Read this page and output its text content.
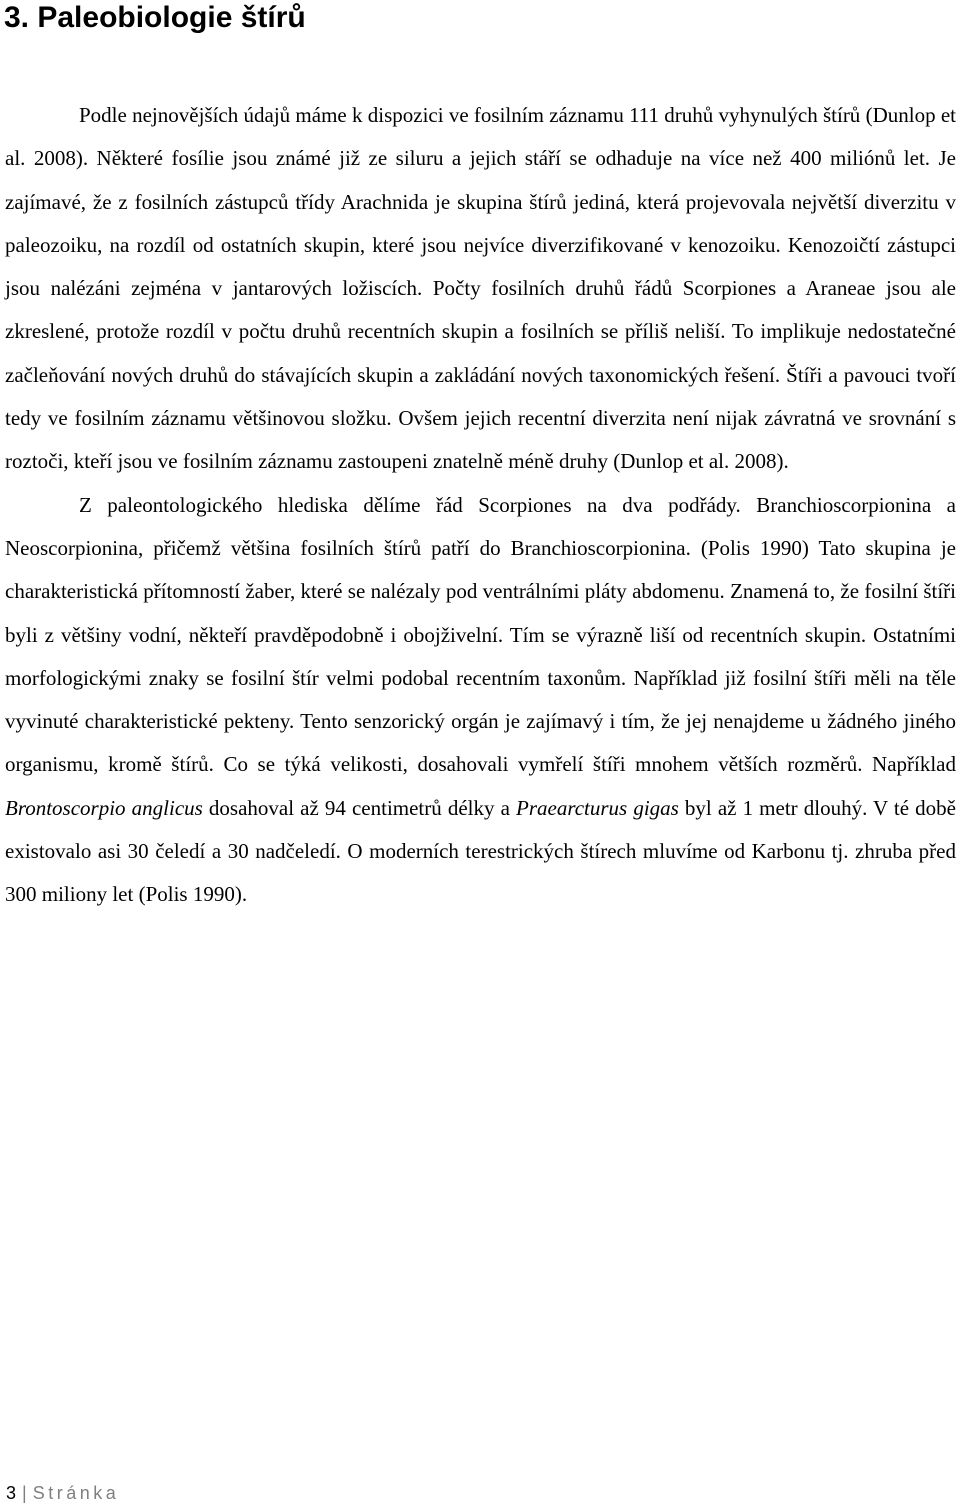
3. Paleobiologie štírů

Podle nejnovějších údajů máme k dispozici ve fosilním záznamu 111 druhů vyhynulých štírů (Dunlop et al. 2008). Některé fosílie jsou známé již ze siluru a jejich stáří se odhaduje na více než 400 miliónů let. Je zajímavé, že z fosilních zástupců třídy Arachnida je skupina štírů jediná, která projevovala největší diverzitu v paleozoiku, na rozdíl od ostatních skupin, které jsou nejvíce diverzifikované v kenozoiku. Kenozoičtí zástupci jsou nalézáni zejména v jantarových ložiscích. Počty fosilních druhů řádů Scorpiones a Araneae jsou ale zkreslené, protože rozdíl v počtu druhů recentních skupin a fosilních se příliš neliší. To implikuje nedostatečné začleňování nových druhů do stávajících skupin a zakládání nových taxonomických řešení. Štíři a pavouci tvoří tedy ve fosilním záznamu většinovou složku. Ovšem jejich recentní diverzita není nijak závratná ve srovnání s roztoči, kteří jsou ve fosilním záznamu zastoupeni znatelně méně druhy (Dunlop et al. 2008).

Z paleontologického hlediska dělíme řád Scorpiones na dva podřády. Branchioscorpionina a Neoscorpionina, přičemž většina fosilních štírů patří do Branchioscorpionina. (Polis 1990) Tato skupina je charakteristická přítomností žaber, které se nalézaly pod ventrálními pláty abdomenu. Znamená to, že fosilní štíři byli z většiny vodní, někteří pravděpodobně i obojživelní. Tím se výrazně liší od recentních skupin. Ostatními morfologickými znaky se fosilní štír velmi podobal recentním taxonům. Například již fosilní štíři měli na těle vyvinuté charakteristické pekteny. Tento senzorický orgán je zajímavý i tím, že jej nenajdeme u žádného jiného organismu, kromě štírů. Co se týká velikosti, dosahovali vymřelí štíři mnohem větších rozměrů. Například Brontoscorpio anglicus dosahoval až 94 centimetrů délky a Praearcturus gigas byl až 1 metr dlouhý. V té době existovalo asi 30 čeledí a 30 nadčeledí. O moderních terestrických štírech mluvíme od Karbonu tj. zhruba před 300 miliony let (Polis 1990).

3 | Stránka
